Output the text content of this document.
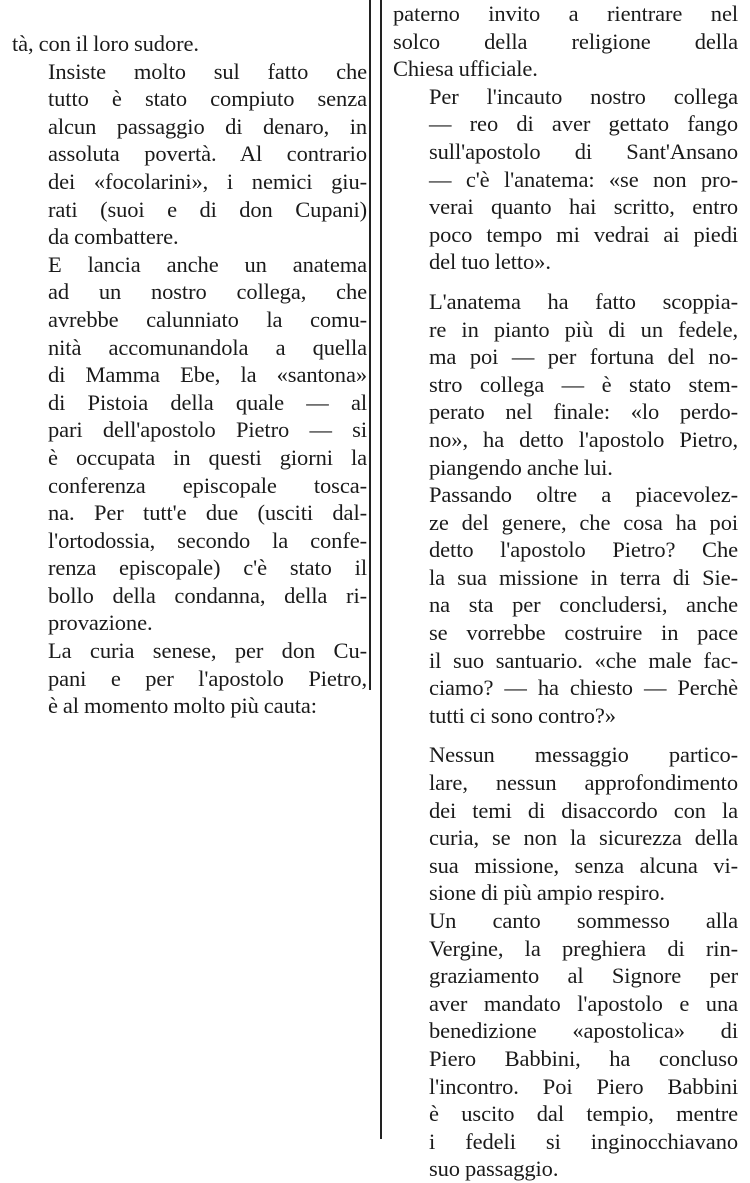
tà, con il loro sudore.

Insiste molto sul fatto che
tutto è stato compiuto senza
alcun passaggio di denaro, in
assoluta povertà. Al contrario
dei «focolarini», i nemici giu-
rati (suoi e di don Cupani)
da combattere.

E lancia anche un anatema
ad un nostro collega, che
avrebbe calunniato la comu-
nità accomunandola a quella
di Mamma Ebe, la «santona»
di Pistoia della quale — al
pari dell'apostolo Pietro — si
è occupata in questi giorni la
conferenza episcopale tosca-
na. Per tutt'e due (usciti dal-
l'ortodossia, secondo la confe-
renza episcopale) c'è stato il
bollo della condanna, della ri-
provazione.

La curia senese, per don Cu-
pani e per l'apostolo Pietro,
è al momento molto più cauta:

paterno invito a rientrare nel
solco della religione della
Chiesa ufficiale.

Per l'incauto nostro collega
— reo di aver gettato fango
sull'apostolo di Sant'Ansano
— c'è l'anatema: «se non pro-
verai quanto hai scritto, entro
poco tempo mi vedrai ai piedi
del tuo letto».

L'anatema ha fatto scoppia-
re in pianto più di un fedele,
ma poi — per fortuna del no-
stro collega — è stato stem-
perato nel finale: «lo perdo-
no», ha detto l'apostolo Pietro,
piangendo anche lui.

Passando oltre a piacevolez-
ze del genere, che cosa ha poi
detto l'apostolo Pietro? Che
la sua missione in terra di Sie-
na sta per concludersi, anche
se vorrebbe costruire in pace
il suo santuario. «che male fac-
ciamo? — ha chiesto — Perchè
tutti ci sono contro?»

Nessun messaggio partico-
lare, nessun approfondimento
dei temi di disaccordo con la
curia, se non la sicurezza della
sua missione, senza alcuna vi-
sione di più ampio respiro.

Un canto sommesso alla
Vergine, la preghiera di rin-
graziamento al Signore per
aver mandato l'apostolo e una
benedizione «apostolica» di
Piero Babbini, ha concluso
l'incontro. Poi Piero Babbini
è uscito dal tempio, mentre
i fedeli si inginocchiavano
suo passaggio.
